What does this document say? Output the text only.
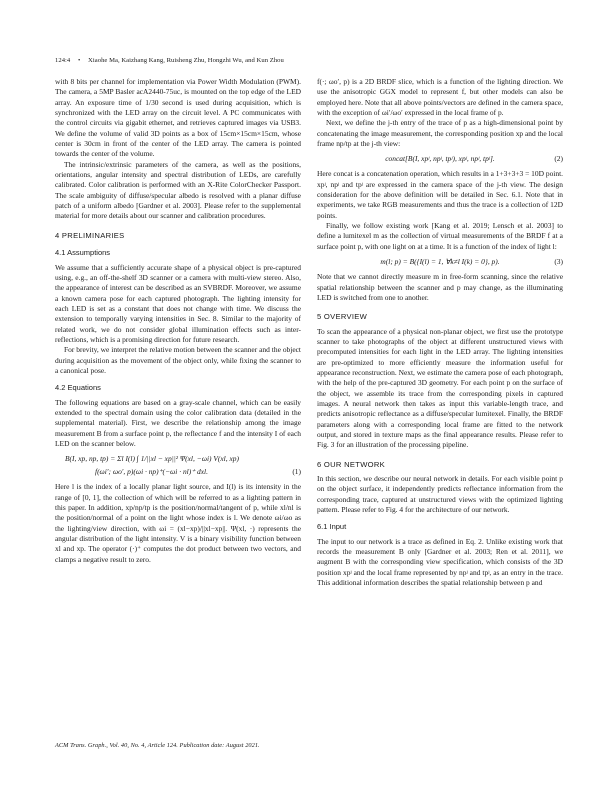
124:4 • Xiaohe Ma, Kaizhang Kang, Ruisheng Zhu, Hongzhi Wu, and Kun Zhou

with 8 bits per channel for implementation via Power Width Modulation (PWM). The camera, a 5MP Basler acA2440-75uc, is mounted on the top edge of the LED array. An exposure time of 1/30 second is used during acquisition, which is synchronized with the LED array on the circuit level. A PC communicates with the control circuits via gigabit ethernet, and retrieves captured images via USB3. We define the volume of valid 3D points as a box of 15cm×15cm×15cm, whose center is 30cm in front of the center of the LED array. The camera is pointed towards the center of the volume.

The intrinsic/extrinsic parameters of the camera, as well as the positions, orientations, angular intensity and spectral distribution of LEDs, are carefully calibrated. Color calibration is performed with an X-Rite ColorChecker Passport. The scale ambiguity of diffuse/specular albedo is resolved with a planar diffuse patch of a uniform albedo [Gardner et al. 2003]. Please refer to the supplemental material for more details about our scanner and calibration procedures.

4 PRELIMINARIES
4.1 Assumptions

We assume that a sufficiently accurate shape of a physical object is pre-captured using, e.g., an off-the-shelf 3D scanner or a camera with multi-view stereo. Also, the appearance of interest can be described as an SVBRDF. Moreover, we assume a known camera pose for each captured photograph. The lighting intensity for each LED is set as a constant that does not change with time. We discuss the extension to temporally varying intensities in Sec. 8. Similar to the majority of related work, we do not consider global illumination effects such as inter-reflections, which is a promising direction for future research.

For brevity, we interpret the relative motion between the scanner and the object during acquisition as the movement of the object only, while fixing the scanner to a canonical pose.

4.2 Equations

The following equations are based on a gray-scale channel, which can be easily extended to the spectral domain using the color calibration data (detailed in the supplemental material). First, we describe the relationship among the image measurement B from a surface point p, the reflectance f and the intensity I of each LED on the scanner below.

B(I, xp, np, tp) = Σl I(l) ∫ 1/||xl − xp||² Ψ(xl, −ωi) V(xl, xp)
f(ωi′; ωo′, p)(ωi · np)⁺(−ωi · nl)⁺ dxl.	(1)

Here l is the index of a locally planar light source, and I(l) is its intensity in the range of [0, 1], the collection of which will be referred to as a lighting pattern in this paper. In addition, xp/np/tp is the position/normal/tangent of p, while xl/nl is the position/normal of a point on the light whose index is l. We denote ωi/ωo as the lighting/view direction, with ωi = (xl−xp)/||xl−xp||. Ψ(xl, ·) represents the angular distribution of the light intensity. V is a binary visibility function between xl and xp. The operator (·)⁺ computes the dot product between two vectors, and clamps a negative result to zero.

f(·; ωo′, p) is a 2D BRDF slice, which is a function of the lighting direction. We use the anisotropic GGX model to represent f, but other models can also be employed here. Note that all above points/vectors are defined in the camera space, with the exception of ωi′/ωo′ expressed in the local frame of p.

Next, we define the j-th entry of the trace of p as a high-dimensional point by concatenating the image measurement, the corresponding position xp and the local frame np/tp at the j-th view:

concat[B(I, xpʲ, npʲ, tpʲ), xpʲ, npʲ, tpʲ].	(2)

Here concat is a concatenation operation, which results in a 1+3+3+3 = 10D point. xpʲ, npʲ and tpʲ are expressed in the camera space of the j-th view. The design consideration for the above definition will be detailed in Sec. 6.1. Note that in experiments, we take RGB measurements and thus the trace is a collection of 12D points.

Finally, we follow existing work [Kang et al. 2019; Lensch et al. 2003] to define a lumitexel m as the collection of virtual measurements of the BRDF f at a surface point p, with one light on at a time. It is a function of the index of light l:

m(l; p) = B({I(l) = 1, ∀k≠l I(k) = 0}, p).	(3)

Note that we cannot directly measure m in free-form scanning, since the relative spatial relationship between the scanner and p may change, as the illuminating LED is switched from one to another.

5 OVERVIEW

To scan the appearance of a physical non-planar object, we first use the prototype scanner to take photographs of the object at different unstructured views with precomputed intensities for each light in the LED array. The lighting intensities are pre-optimized to more efficiently measure the information useful for appearance reconstruction. Next, we estimate the camera pose of each photograph, with the help of the pre-captured 3D geometry. For each point p on the surface of the object, we assemble its trace from the corresponding pixels in captured images. A neural network then takes as input this variable-length trace, and predicts anisotropic reflectance as a diffuse/specular lumitexel. Finally, the BRDF parameters along with a corresponding local frame are fitted to the network output, and stored in texture maps as the final appearance results. Please refer to Fig. 3 for an illustration of the processing pipeline.

6 OUR NETWORK

In this section, we describe our neural network in details. For each visible point p on the object surface, it independently predicts reflectance information from the corresponding trace, captured at unstructured views with the optimized lighting pattern. Please refer to Fig. 4 for the architecture of our network.

6.1 Input

The input to our network is a trace as defined in Eq. 2. Unlike existing work that records the measurement B only [Gardner et al. 2003; Ren et al. 2011], we augment B with the corresponding view specification, which consists of the 3D position xpʲ and the local frame represented by npʲ and tpʲ, as an entry in the trace. This additional information describes the spatial relationship between p and

ACM Trans. Graph., Vol. 40, No. 4, Article 124. Publication date: August 2021.
